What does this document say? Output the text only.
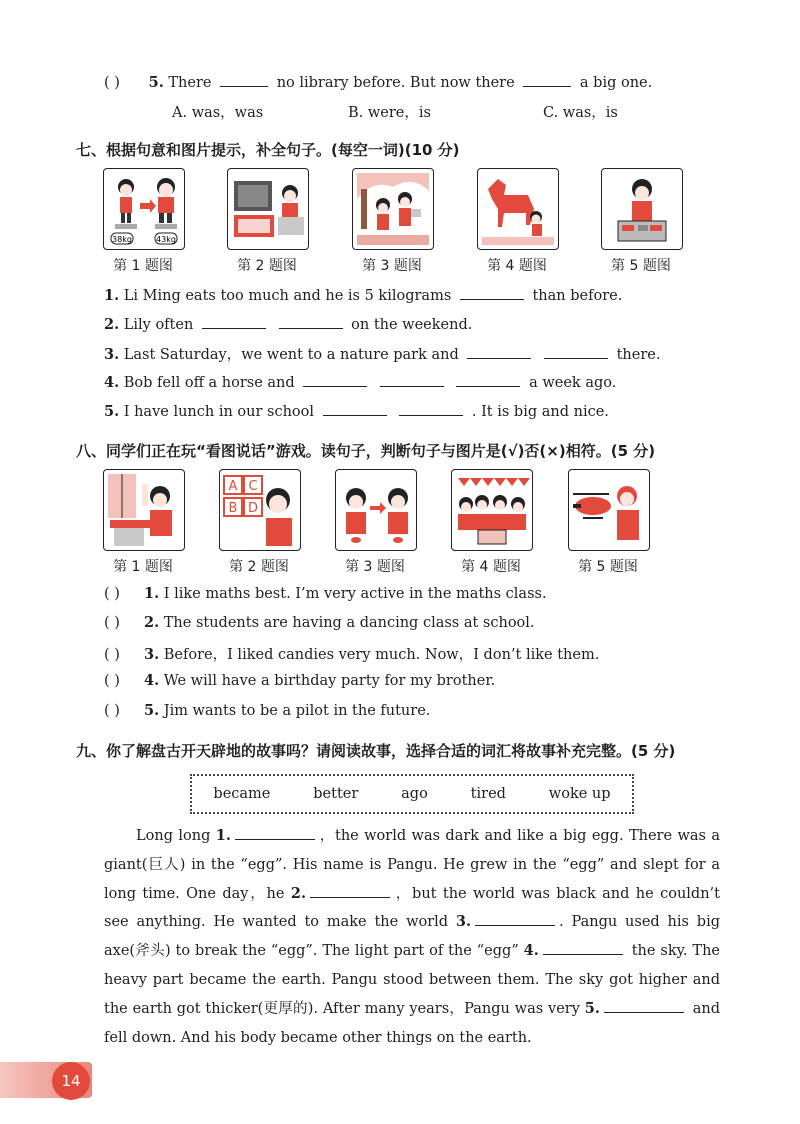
( ) 5. There	no library before. But now there	a big one.
A. was，was	B. were，is	C. was，is
七、根据句意和图片提示，补全句子。(每空一词)(10 分)
38kg	43kg
第 1 题图	第 2 题图	第 3 题图	第 4 题图	第 5 题图
1. Li Ming eats too much and he is 5 kilograms	than before.
2. Lily often	on the weekend.
3. Last Saturday，we went to a nature park and	there.
4. Bob fell off a horse and	a week ago.
5. I have lunch in our school	. It is big and nice.
八、同学们正在玩“看图说话”游戏。读句子，判断句子与图片是(√)否(×)相符。(5 分)
A C
B D
第 1 题图	第 2 题图	第 3 题图	第 4 题图	第 5 题图
( ) 1. I like maths best. I’m very active in the maths class.
( ) 2. The students are having a dancing class at school.
( ) 3. Before，I liked candies very much. Now，I don’t like them.
( ) 4. We will have a birthday party for my brother.
( ) 5. Jim wants to be a pilot in the future.
九、你了解盘古开天辟地的故事吗？请阅读故事，选择合适的词汇将故事补充完整。(5 分)
became	better	ago	tired	woke up
Long long 1.	，the world was dark and like a big egg. There was a giant(巨人) in the “egg”. His name is Pangu. He grew in the “egg” and slept for a long time. One day，he 2.	，but the world was black and he couldn’t see anything. He wanted to make the world 3.	. Pangu used his big axe(斧头) to break the “egg”. The light part of the “egg” 4.	the sky. The heavy part became the earth. Pangu stood between them. The sky got higher and the earth got thicker(更厚的). After many years，Pangu was very 5.	and fell down. And his body became other things on the earth.
14
